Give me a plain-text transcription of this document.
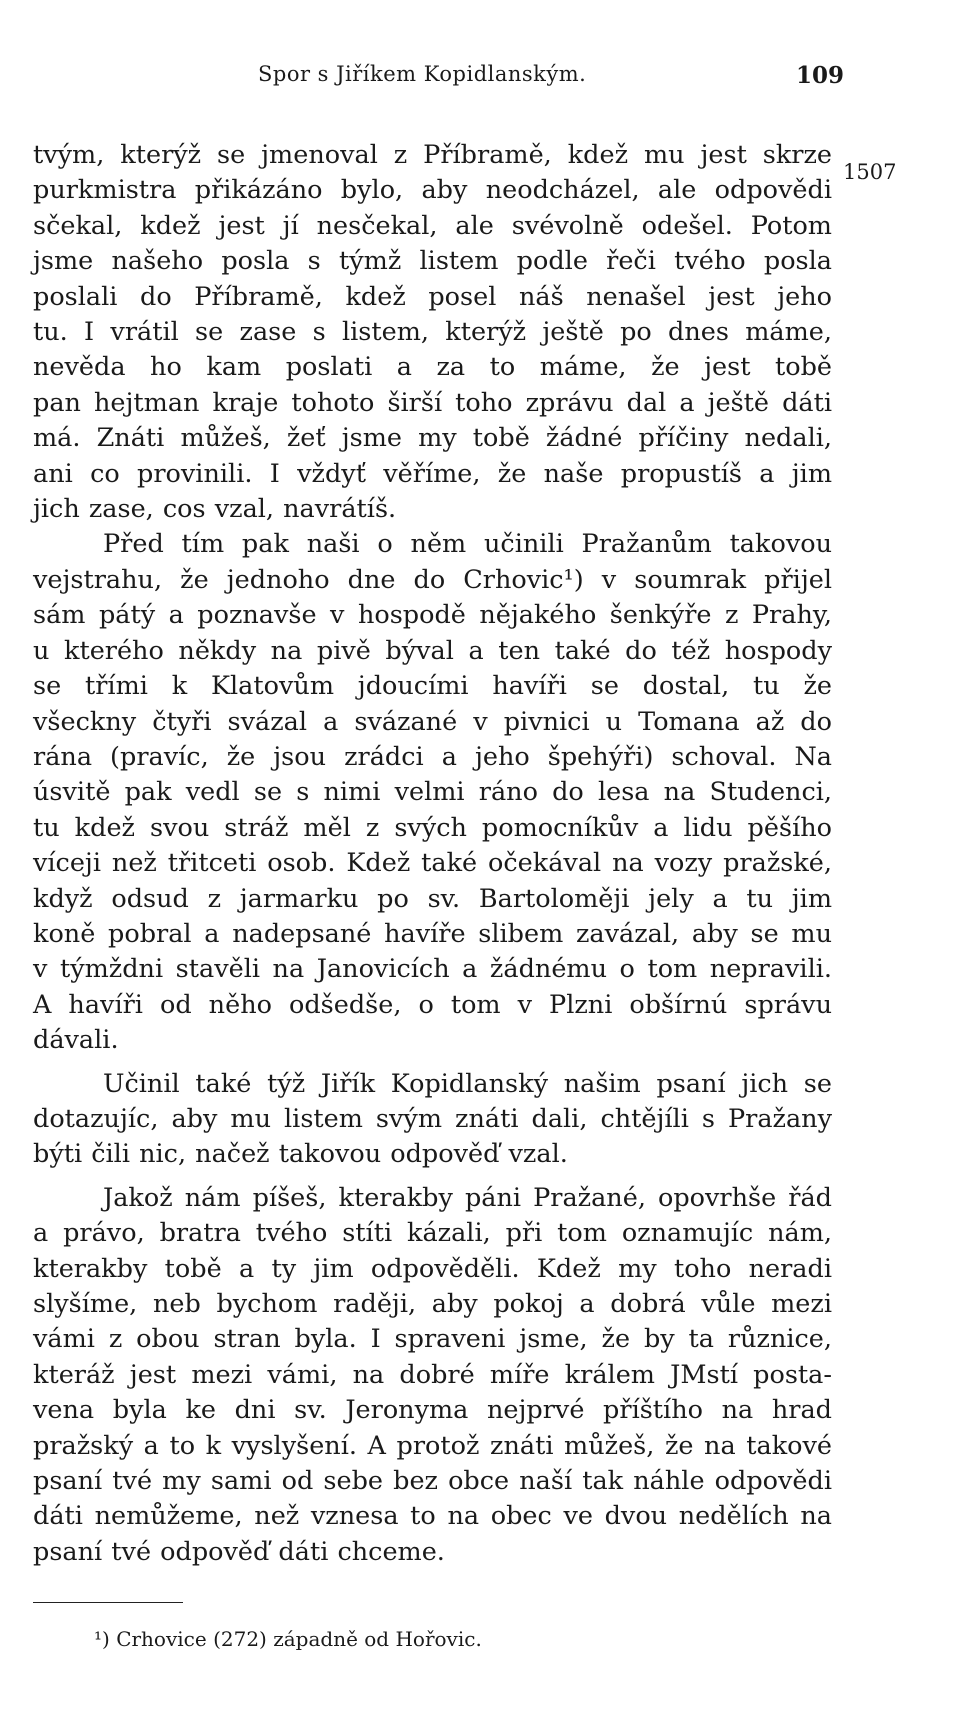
Spor s Jiříkem Kopidlanským.	109
1507

tvým, kterýž se jmenoval z Příbramě, kdež mu jest skrze

purkmistra přikázáno bylo, aby neodcházel, ale odpovědi

sčekal, kdež jest jí nesčekal, ale svévolně odešel. Potom

jsme našeho posla s týmž listem podle řeči tvého posla

poslali do Příbramě, kdež posel náš nenašel jest jeho

tu. I vrátil se zase s listem, kterýž ještě po dnes máme,

nevěda ho kam poslati a za to máme, že jest tobě

pan hejtman kraje tohoto širší toho zprávu dal a ještě dáti

má. Znáti můžeš, žeť jsme my tobě žádné příčiny nedali,

ani co provinili. I vždyť věříme, že naše propustíš a jim

jich zase, cos vzal, navrátíš.

Před tím pak naši o něm učinili Pražanům takovou

vejstrahu, že jednoho dne do Crhovic¹) v soumrak přijel

sám pátý a poznavše v hospodě nějakého šenkýře z Prahy,

u kterého někdy na pivě býval a ten také do též hospody

se třími k Klatovům jdoucími havíři se dostal, tu že

všeckny čtyři svázal a svázané v pivnici u Tomana až do

rána (pravíc, že jsou zrádci a jeho špehýři) schoval. Na

úsvitě pak vedl se s nimi velmi ráno do lesa na Studenci,

tu kdež svou stráž měl z svých pomocníkův a lidu pěšího

víceji než třitceti osob. Kdež také očekával na vozy pražské,

když odsud z jarmarku po sv. Bartoloměji jely a tu jim

koně pobral a nadepsané havíře slibem zavázal, aby se mu

v týmždni stavěli na Janovicích a žádnému o tom nepravili.

A havíři od něho odšedše, o tom v Plzni obšírnú správu dávali.

Učinil také týž Jiřík Kopidlanský našim psaní jich se

dotazujíc, aby mu listem svým znáti dali, chtějíli s Pražany

býti čili nic, načež takovou odpověď vzal.

Jakož nám píšeš, kterakby páni Pražané, opovrhše řád

a právo, bratra tvého stíti kázali, při tom oznamujíc nám,

kterakby tobě a ty jim odpověděli. Kdež my toho neradi

slyšíme, neb bychom raději, aby pokoj a dobrá vůle mezi

vámi z obou stran byla. I spraveni jsme, že by ta různice,

kteráž jest mezi vámi, na dobré míře králem JMstí posta-

vena byla ke dni sv. Jeronyma nejprvé příštího na hrad

pražský a to k vyslyšení. A protož znáti můžeš, že na takové

psaní tvé my sami od sebe bez obce naší tak náhle odpovědi

dáti nemůžeme, než vznesa to na obec ve dvou nedělích na

psaní tvé odpověď dáti chceme.

¹) Crhovice (272) západně od Hořovic.
